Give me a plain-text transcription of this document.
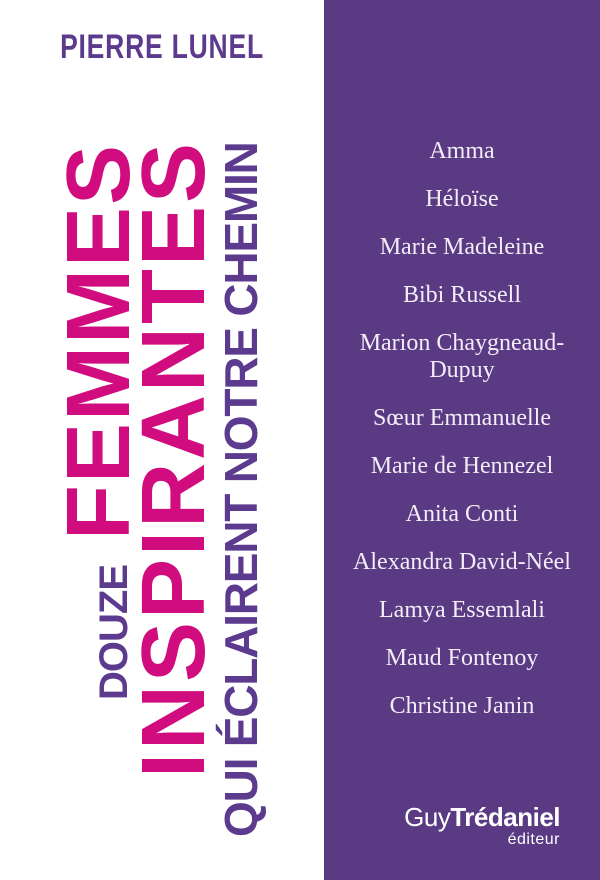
PIERRE LUNEL
DOUZE
FEMMES
INSPIRANTES
QUI ÉCLAIRENT NOTRE CHEMIN	Amma
Héloïse
Marie Madeleine
Bibi Russell
Marion Chaygneaud-Dupuy
Sœur Emmanuelle
Marie de Hennezel
Anita Conti
Alexandra David-Néel
Lamya Essemlali
Maud Fontenoy
Christine Janin
GuyTrédaniel
éditeur
